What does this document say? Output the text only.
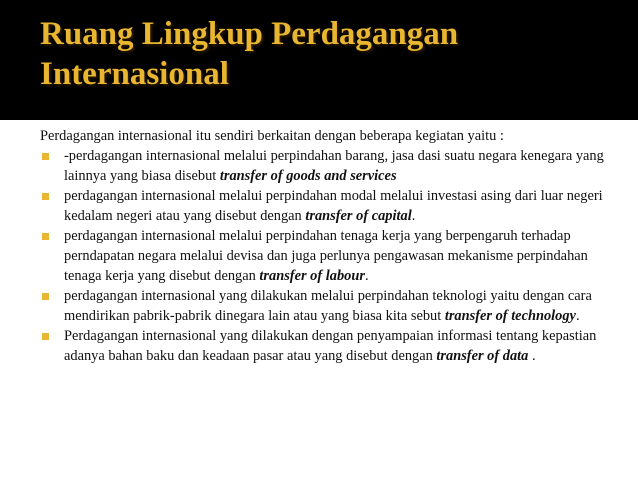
Ruang Lingkup Perdagangan Internasional

Perdagangan internasional itu sendiri berkaitan dengan beberapa kegiatan yaitu :

-perdagangan internasional melalui perpindahan barang, jasa dasi suatu negara kenegara yang lainnya yang biasa disebut transfer of goods and services
perdagangan internasional melalui perpindahan modal melalui investasi asing dari luar negeri kedalam negeri atau yang disebut dengan transfer of capital.
perdagangan internasional melalui perpindahan tenaga kerja yang berpengaruh terhadap perndapatan negara melalui devisa dan juga perlunya pengawasan mekanisme perpindahan tenaga kerja yang disebut dengan transfer of labour.
perdagangan internasional yang dilakukan melalui perpindahan teknologi yaitu dengan cara mendirikan pabrik-pabrik dinegara lain atau yang biasa kita sebut transfer of technology.
Perdagangan internasional yang dilakukan dengan penyampaian informasi tentang kepastian adanya bahan baku dan keadaan pasar atau yang disebut dengan transfer of data .
